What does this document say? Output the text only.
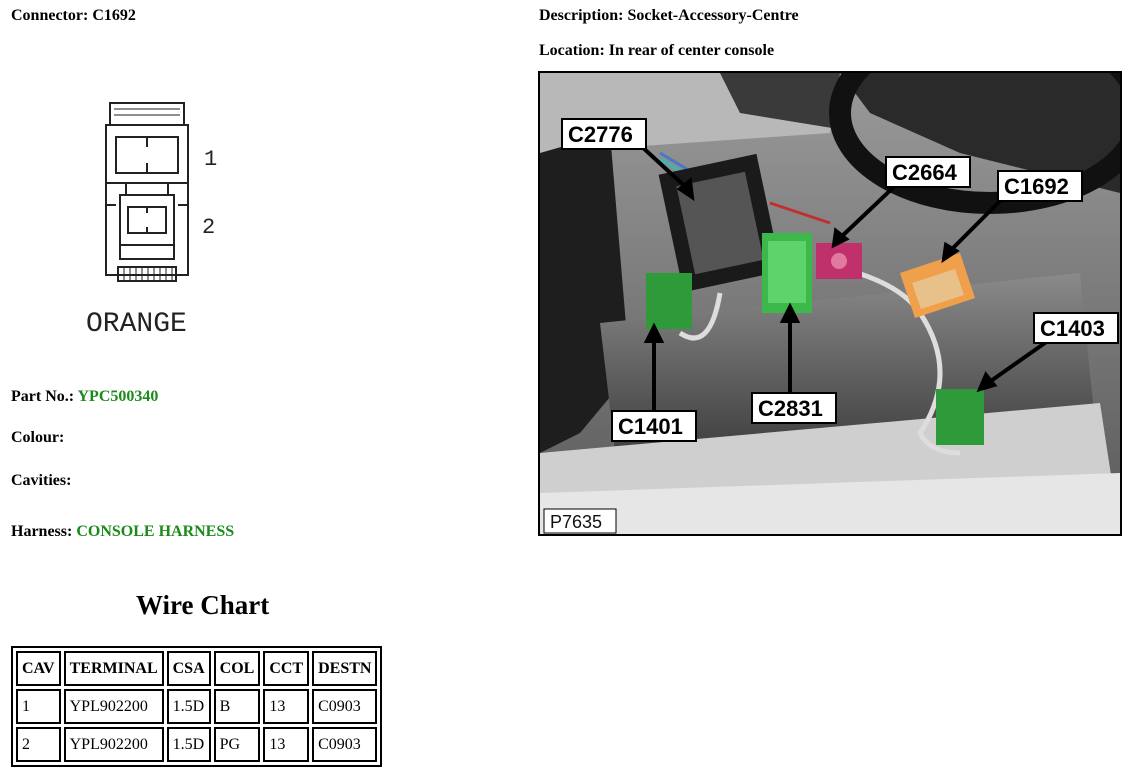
Connector: C1692
1
2
ORANGE
Part No.: YPC500340
Colour:
Cavities:
Harness: CONSOLE HARNESS
Description: Socket-Accessory-Centre
Location: In rear of center console
C2776
C2664
C1692
C1403
C2831
C1401
P7635
Wire Chart
CAV	TERMINAL	CSA	COL	CCT	DESTN
1	YPL902200	1.5D	B	13	C0903
2	YPL902200	1.5D	PG	13	C0903
